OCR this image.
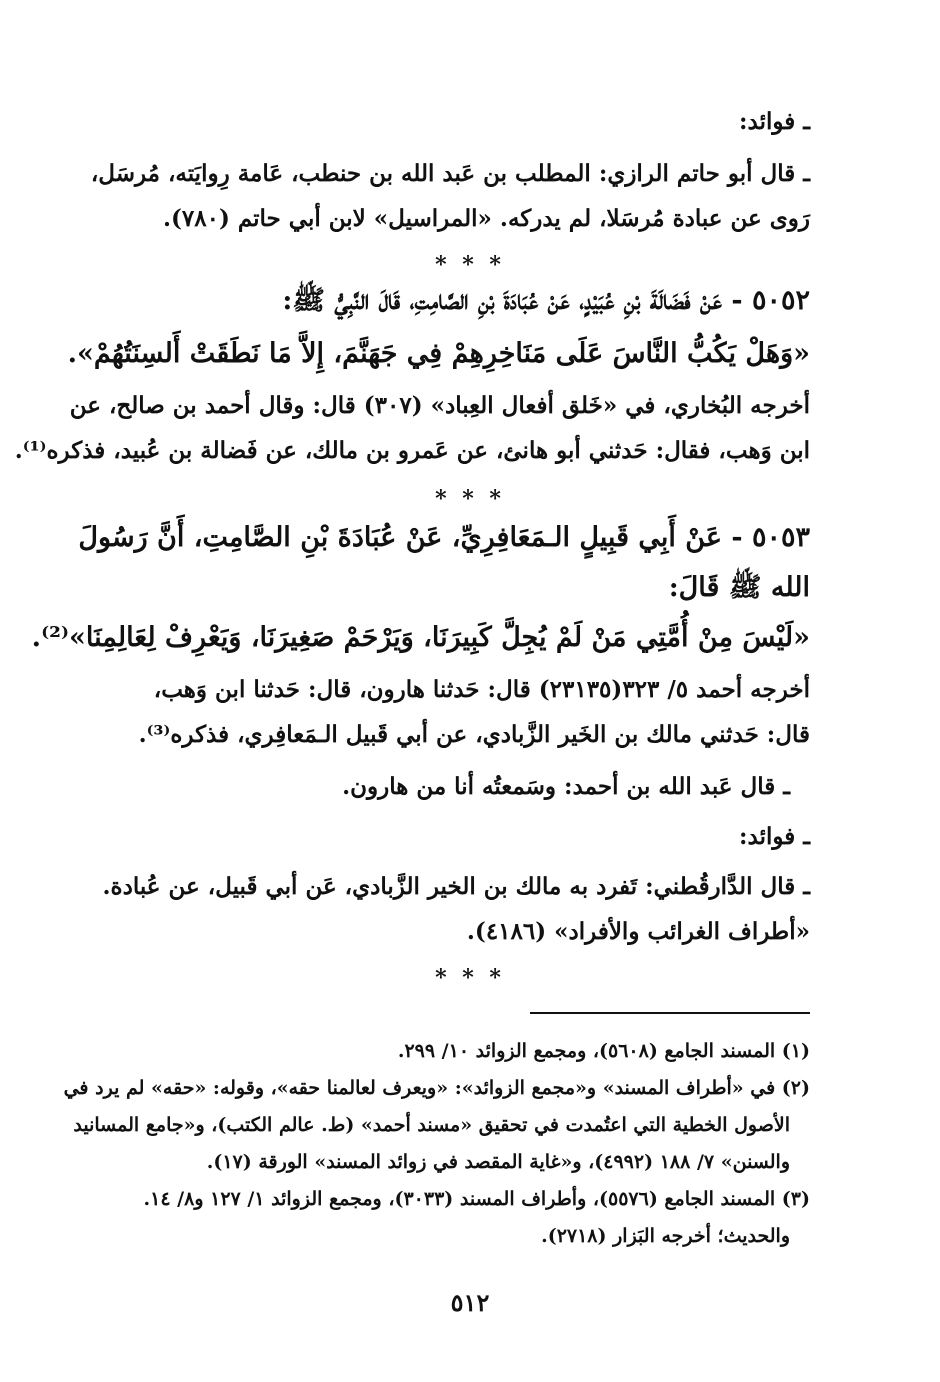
ـ فوائد:
ـ قال أبو حاتم الرازي: المطلب بن عَبد الله بن حنطب، عَامة رِوايَته، مُرسَل،
رَوى عن عبادة مُرسَلا، لم يدركه. «المراسيل» لابن أبي حاتم (٧٨٠).
* * *
٥٠٥٢ - عَنْ فَضَالَةَ بْنِ عُبَيْدٍ، عَنْ عُبَادَةَ بْنِ الصَّامِتِ، قَالَ النَّبِيُّ ﷺ:
«وَهَلْ يَكُبُّ النَّاسَ عَلَى مَنَاخِرِهِمْ فِي جَهَنَّمَ، إِلاَّ مَا نَطَقَتْ أَلسِنَتُهُمْ».
أخرجه البُخاري، في «خَلق أفعال العِباد» (٣٠٧) قال: وقال أحمد بن صالح، عن
ابن وَهب، فقال: حَدثني أبو هانئ، عن عَمرو بن مالك، عن فَضالة بن عُبيد، فذكره⁽¹⁾.
* * *
٥٠٥٣ - عَنْ أَبِي قَبِيلٍ الـمَعَافِرِيِّ، عَنْ عُبَادَةَ بْنِ الصَّامِتِ، أَنَّ رَسُولَ
الله ﷺ قَالَ:
«لَيْسَ مِنْ أُمَّتِي مَنْ لَمْ يُجِلَّ كَبِيرَنَا، وَيَرْحَمْ صَغِيرَنَا، وَيَعْرِفْ لِعَالِمِنَا»⁽²⁾.
أخرجه أحمد ٥/ ٣٢٣(٢٣١٣٥) قال: حَدثنا هارون، قال: حَدثنا ابن وَهب،
قال: حَدثني مالك بن الخَير الزَّبادي، عن أبي قَبيل الـمَعافِري، فذكره⁽³⁾.
ـ قال عَبد الله بن أحمد: وسَمعتُه أنا من هارون.
ـ فوائد:
ـ قال الدَّارقُطني: تَفرد به مالك بن الخير الزَّبادي، عَن أبي قَبيل، عن عُبادة.
«أطراف الغرائب والأفراد» (٤١٨٦).
* * *
(١) المسند الجامع (٥٦٠٨)، ومجمع الزوائد ١٠/ ٢٩٩.
(٢) في «أطراف المسند» و«مجمع الزوائد»: «ويعرف لعالمنا حقه»، وقوله: «حقه» لم يرد في
الأصول الخطية التي اعتُمدت في تحقيق «مسند أحمد» (ط. عالم الكتب)، و«جامع المسانيد
والسنن» ٧/ ١٨٨ (٤٩٩٢)، و«غاية المقصد في زوائد المسند» الورقة (١٧).
(٣) المسند الجامع (٥٥٧٦)، وأطراف المسند (٣٠٣٣)، ومجمع الزوائد ١/ ١٢٧ و٨/ ١٤.
والحديث؛ أخرجه البَزار (٢٧١٨).
٥١٢
